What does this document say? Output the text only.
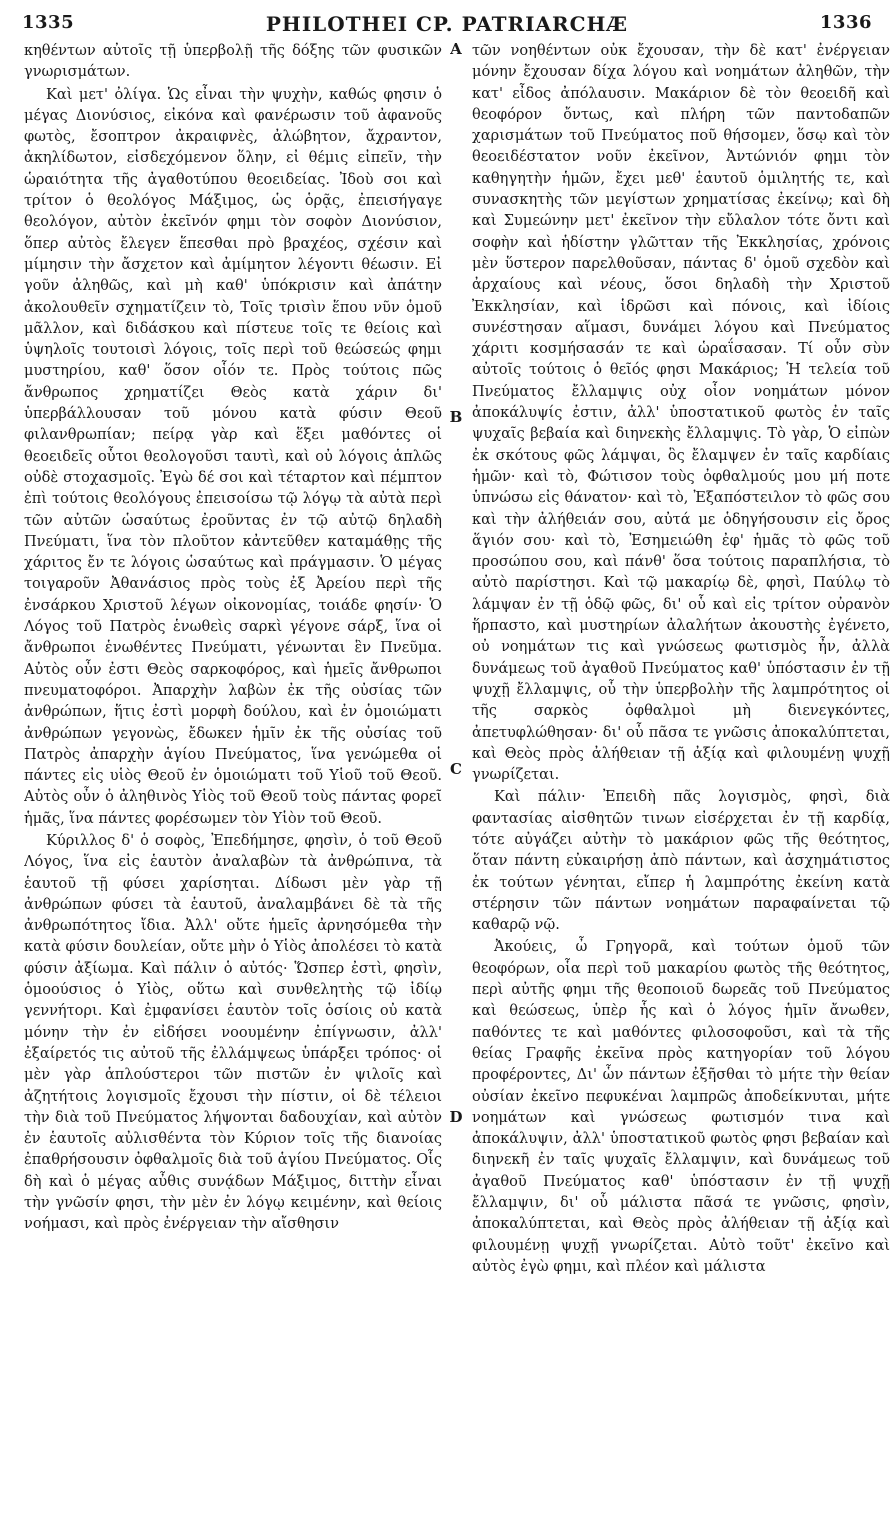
1335	PHILOTHEI CP. PATRIARCHÆ	1336
A
B
C
D

κηθέντων αὐτοῖς τῇ ὑπερβολῇ τῆς δόξης τῶν φυσικῶν γνωρισμάτων.

Καὶ μετ' ὀλίγα. Ὡς εἶναι τὴν ψυχὴν, καθώς φησιν ὁ μέγας Διονύσιος, εἰκόνα καὶ φανέρωσιν τοῦ ἀφανοῦς φωτὸς, ἔσοπτρον ἀκραιφνὲς, ἀλώβητον, ἄχραντον, ἀκηλίδωτον, εἰσδεχόμενον ὅλην, εἰ θέμις εἰπεῖν, τὴν ὡραιότητα τῆς ἀγαθοτύπου θεοειδείας. Ἰδοὺ σοι καὶ τρίτον ὁ θεολόγος Μάξιμος, ὡς ὁρᾷς, ἐπεισήγαγε θεολόγον, αὐτὸν ἐκεῖνόν φημι τὸν σοφὸν Διονύσιον, ὅπερ αὐτὸς ἔλεγεν ἕπεσθαι πρὸ βραχέος, σχέσιν καὶ μίμησιν τὴν ἄσχετον καὶ ἀμίμητον λέγοντι θέωσιν. Εἰ γοῦν ἀληθῶς, καὶ μὴ καθ' ὑπόκρισιν καὶ ἀπάτην ἀκολουθεῖν σχηματίζειν τὸ, Τοῖς τρισὶν ἕπου νῦν ὁμοῦ μᾶλλον, καὶ διδάσκου καὶ πίστευε τοῖς τε θείοις καὶ ὑψηλοῖς τουτοισὶ λόγοις, τοῖς περὶ τοῦ θεώσεώς φημι μυστηρίου, καθ' ὅσον οἷόν τε. Πρὸς τούτοις πῶς ἄνθρωπος χρηματίζει Θεὸς κατὰ χάριν δι' ὑπερβάλλουσαν τοῦ μόνου κατὰ φύσιν Θεοῦ φιλανθρωπίαν; πείρᾳ γὰρ καὶ ἕξει μαθόντες οἱ θεοειδεῖς οὗτοι θεολογοῦσι ταυτὶ, καὶ οὐ λόγοις ἁπλῶς οὐδὲ στοχασμοῖς. Ἐγὼ δέ σοι καὶ τέταρτον καὶ πέμπτον ἐπὶ τούτοις θεολόγους ἐπεισοίσω τῷ λόγῳ τὰ αὐτὰ περὶ τῶν αὐτῶν ὡσαύτως ἐροῦντας ἐν τῷ αὐτῷ δηλαδὴ Πνεύματι, ἵνα τὸν πλοῦτον κἀντεῦθεν καταμάθῃς τῆς χάριτος ἔν τε λόγοις ὡσαύτως καὶ πράγμασιν. Ὁ μέγας τοιγαροῦν Ἀθανάσιος πρὸς τοὺς ἐξ Ἀρείου περὶ τῆς ἐνσάρκου Χριστοῦ λέγων οἰκονομίας, τοιάδε φησίν· Ὁ Λόγος τοῦ Πατρὸς ἑνωθεὶς σαρκὶ γέγονε σάρξ, ἵνα οἱ ἄνθρωποι ἑνωθέντες Πνεύματι, γένωνται ἓν Πνεῦμα. Αὐτὸς οὖν ἐστι Θεὸς σαρκοφόρος, καὶ ἡμεῖς ἄνθρωποι πνευματοφόροι. Ἀπαρχὴν λαβὼν ἐκ τῆς οὐσίας τῶν ἀνθρώπων, ἥτις ἐστὶ μορφὴ δούλου, καὶ ἐν ὁμοιώματι ἀνθρώπων γεγονὼς, ἔδωκεν ἡμῖν ἐκ τῆς οὐσίας τοῦ Πατρὸς ἀπαρχὴν ἁγίου Πνεύματος, ἵνα γενώμεθα οἱ πάντες εἰς υἱὸς Θεοῦ ἐν ὁμοιώματι τοῦ Υἱοῦ τοῦ Θεοῦ. Αὐτὸς οὖν ὁ ἀληθινὸς Υἱὸς τοῦ Θεοῦ τοὺς πάντας φορεῖ ἡμᾶς, ἵνα πάντες φορέσωμεν τὸν Υἱὸν τοῦ Θεοῦ.

Κύριλλος δ' ὁ σοφὸς, Ἐπεδήμησε, φησὶν, ὁ τοῦ Θεοῦ Λόγος, ἵνα εἰς ἑαυτὸν ἀναλαβὼν τὰ ἀνθρώπινα, τὰ ἑαυτοῦ τῇ φύσει χαρίσηται. Δίδωσι μὲν γὰρ τῇ ἀνθρώπων φύσει τὰ ἑαυτοῦ, ἀναλαμβάνει δὲ τὰ τῆς ἀνθρωπότητος ἴδια. Ἀλλ' οὔτε ἡμεῖς ἀρνησόμεθα τὴν κατὰ φύσιν δουλείαν, οὔτε μὴν ὁ Υἱὸς ἀπολέσει τὸ κατὰ φύσιν ἀξίωμα. Καὶ πάλιν ὁ αὐτός· Ὥσπερ ἐστὶ, φησὶν, ὁμοούσιος ὁ Υἱὸς, οὕτω καὶ συνθελητὴς τῷ ἰδίῳ γεννήτορι. Καὶ ἐμφανίσει ἑαυτὸν τοῖς ὁσίοις οὐ κατὰ μόνην τὴν ἐν εἰδήσει νοουμένην ἐπίγνωσιν, ἀλλ' ἐξαίρετός τις αὐτοῦ τῆς ἐλλάμψεως ὑπάρξει τρόπος· οἱ μὲν γὰρ ἁπλούστεροι τῶν πιστῶν ἐν ψιλοῖς καὶ ἀζητήτοις λογισμοῖς ἔχουσι τὴν πίστιν, οἱ δὲ τέλειοι τὴν διὰ τοῦ Πνεύματος λήψονται δαδουχίαν, καὶ αὐτὸν ἐν ἑαυτοῖς αὐλισθέντα τὸν Κύριον τοῖς τῆς διανοίας ἐπαθρήσουσιν ὀφθαλμοῖς διὰ τοῦ ἁγίου Πνεύματος. Οἷς δὴ καὶ ὁ μέγας αὖθις συνᾴδων Μάξιμος, διττὴν εἶναι τὴν γνῶσίν φησι, τὴν μὲν ἐν λόγῳ κειμένην, καὶ θείοις νοήμασι, καὶ πρὸς ἐνέργειαν τὴν αἴσθησιν

τῶν νοηθέντων οὐκ ἔχουσαν, τὴν δὲ κατ' ἐνέργειαν μόνην ἔχουσαν δίχα λόγου καὶ νοημάτων ἀληθῶν, τὴν κατ' εἶδος ἀπόλαυσιν. Μακάριον δὲ τὸν θεοειδῆ καὶ θεοφόρον ὄντως, καὶ πλήρη τῶν παντοδαπῶν χαρισμάτων τοῦ Πνεύματος ποῦ θήσομεν, ὅσῳ καὶ τὸν θεοειδέστατον νοῦν ἐκεῖνον, Ἀντώνιόν φημι τὸν καθηγητὴν ἡμῶν, ἔχει μεθ' ἑαυτοῦ ὁμιλητής τε, καὶ συνασκητὴς τῶν μεγίστων χρηματίσας ἐκείνῳ; καὶ δὴ καὶ Συμεώνην μετ' ἐκεῖνον τὴν εὔλαλον τότε ὄντι καὶ σοφὴν καὶ ἡδίστην γλῶτταν τῆς Ἐκκλησίας, χρόνοις μὲν ὕστερον παρελθοῦσαν, πάντας δ' ὁμοῦ σχεδὸν καὶ ἀρχαίους καὶ νέους, ὅσοι δηλαδὴ τὴν Χριστοῦ Ἐκκλησίαν, καὶ ἱδρῶσι καὶ πόνοις, καὶ ἰδίοις συνέστησαν αἵμασι, δυνάμει λόγου καὶ Πνεύματος χάριτι κοσμήσασάν τε καὶ ὡραΐσασαν. Τί οὖν σὺν αὐτοῖς τούτοις ὁ θεῖός φησι Μακάριος; Ἡ τελεία τοῦ Πνεύματος ἔλλαμψις οὐχ οἷον νοημάτων μόνον ἀποκάλυψίς ἐστιν, ἀλλ' ὑποστατικοῦ φωτὸς ἐν ταῖς ψυχαῖς βεβαία καὶ διηνεκὴς ἔλλαμψις. Τὸ γὰρ, Ὁ εἰπὼν ἐκ σκότους φῶς λάμψαι, ὃς ἔλαμψεν ἐν ταῖς καρδίαις ἡμῶν· καὶ τὸ, Φώτισον τοὺς ὀφθαλμούς μου μή ποτε ὑπνώσω εἰς θάνατον· καὶ τὸ, Ἐξαπόστειλον τὸ φῶς σου καὶ τὴν ἀλήθειάν σου, αὐτά με ὁδηγήσουσιν εἰς ὄρος ἅγιόν σου· καὶ τὸ, Ἐσημειώθη ἐφ' ἡμᾶς τὸ φῶς τοῦ προσώπου σου, καὶ πάνθ' ὅσα τούτοις παραπλήσια, τὸ αὐτὸ παρίστησι. Καὶ τῷ μακαρίῳ δὲ, φησὶ, Παύλῳ τὸ λάμψαν ἐν τῇ ὁδῷ φῶς, δι' οὗ καὶ εἰς τρίτον οὐρανὸν ἥρπαστο, καὶ μυστηρίων ἀλαλήτων ἀκουστὴς ἐγένετο, οὐ νοημάτων τις καὶ γνώσεως φωτισμὸς ἦν, ἀλλὰ δυνάμεως τοῦ ἀγαθοῦ Πνεύματος καθ' ὑπόστασιν ἐν τῇ ψυχῇ ἔλλαμψις, οὗ τὴν ὑπερβολὴν τῆς λαμπρότητος οἱ τῆς σαρκὸς ὀφθαλμοὶ μὴ διενεγκόντες, ἀπετυφλώθησαν· δι' οὗ πᾶσα τε γνῶσις ἀποκαλύπτεται, καὶ Θεὸς πρὸς ἀλήθειαν τῇ ἀξίᾳ καὶ φιλουμένῃ ψυχῇ γνωρίζεται.

Καὶ πάλιν· Ἐπειδὴ πᾶς λογισμὸς, φησὶ, διὰ φαντασίας αἰσθητῶν τινων εἰσέρχεται ἐν τῇ καρδίᾳ, τότε αὐγάζει αὐτὴν τὸ μακάριον φῶς τῆς θεότητος, ὅταν πάντη εὐκαιρήσῃ ἀπὸ πάντων, καὶ ἀσχημάτιστος ἐκ τούτων γένηται, εἴπερ ἡ λαμπρότης ἐκείνη κατὰ στέρησιν τῶν πάντων νοημάτων παραφαίνεται τῷ καθαρῷ νῷ.

Ἀκούεις, ὦ Γρηγορᾶ, καὶ τούτων ὁμοῦ τῶν θεοφόρων, οἷα περὶ τοῦ μακαρίου φωτὸς τῆς θεότητος, περὶ αὐτῆς φημι τῆς θεοποιοῦ δωρεᾶς τοῦ Πνεύματος καὶ θεώσεως, ὑπὲρ ἧς καὶ ὁ λόγος ἡμῖν ἄνωθεν, παθόντες τε καὶ μαθόντες φιλοσοφοῦσι, καὶ τὰ τῆς θείας Γραφῆς ἐκεῖνα πρὸς κατηγορίαν τοῦ λόγου προφέροντες, Δι' ὧν πάντων ἐξῆσθαι τὸ μήτε τὴν θείαν οὐσίαν ἐκεῖνο πεφυκέναι λαμπρῶς ἀποδείκνυται, μήτε νοημάτων καὶ γνώσεως φωτισμόν τινα καὶ ἀποκάλυψιν, ἀλλ' ὑποστατικοῦ φωτὸς φησι βεβαίαν καὶ διηνεκῆ ἐν ταῖς ψυχαῖς ἔλλαμψιν, καὶ δυνάμεως τοῦ ἀγαθοῦ Πνεύματος καθ' ὑπόστασιν ἐν τῇ ψυχῇ ἔλλαμψιν, δι' οὗ μάλιστα πᾶσά τε γνῶσις, φησὶν, ἀποκαλύπτεται, καὶ Θεὸς πρὸς ἀλήθειαν τῇ ἀξίᾳ καὶ φιλουμένῃ ψυχῇ γνωρίζεται. Αὐτὸ τοῦτ' ἐκεῖνο καὶ αὐτὸς ἐγὼ φημι, καὶ πλέον καὶ μάλιστα
